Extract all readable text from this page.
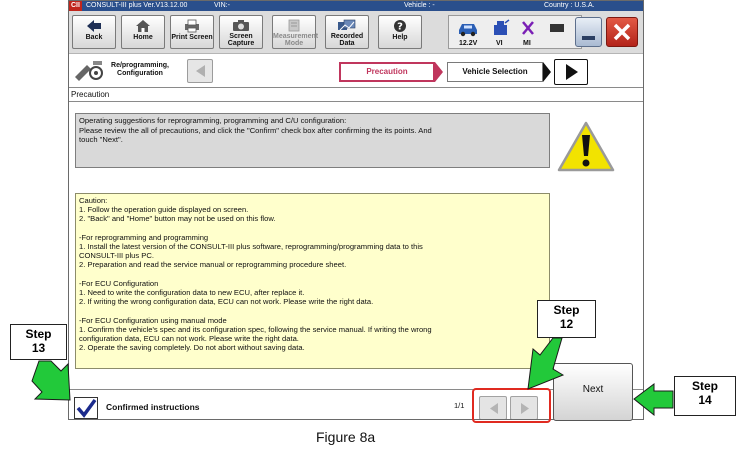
CII CONSULT-III plus Ver.V13.12.00	VIN:-	Vehicle : -	Country : U.S.A.
Back	Home	Print Screen	Screen Capture
Measurement Mode
Recorded Data
?
Help
12.2V	VI	MI
Re/programming, Configuration	Precaution	Vehicle Selection
Precaution

Operating suggestions for reprogramming, programming and C/U configuration:
Please review the all of precautions, and click the "Confirm" check box after confirming the its points. And
touch "Next".

Caution:
1. Follow the operation guide displayed on screen.
2. "Back" and "Home" button may not be used on this flow.
-For reprogramming and programming
1. Install the latest version of the CONSULT-III plus software, reprogramming/programming data to this
CONSULT-III plus PC.
2. Preparation and read the service manual or reprogramming procedure sheet.
-For ECU Configuration
1. Need to write the configuration data to new ECU, after replace it.
2. If writing the wrong configuration data, ECU can not work. Please write the right data.
-For ECU Configuration using manual mode
1. Confirm the vehicle's spec and its configuration spec, following the service manual. If writing the wrong
configuration data, ECU can not work. Please write the right data.
2. Operate the saving completely. Do not abort without saving data.
Confirmed instructions	1/1
Next
Step
13
Step
12
Step
14
Figure 8a
